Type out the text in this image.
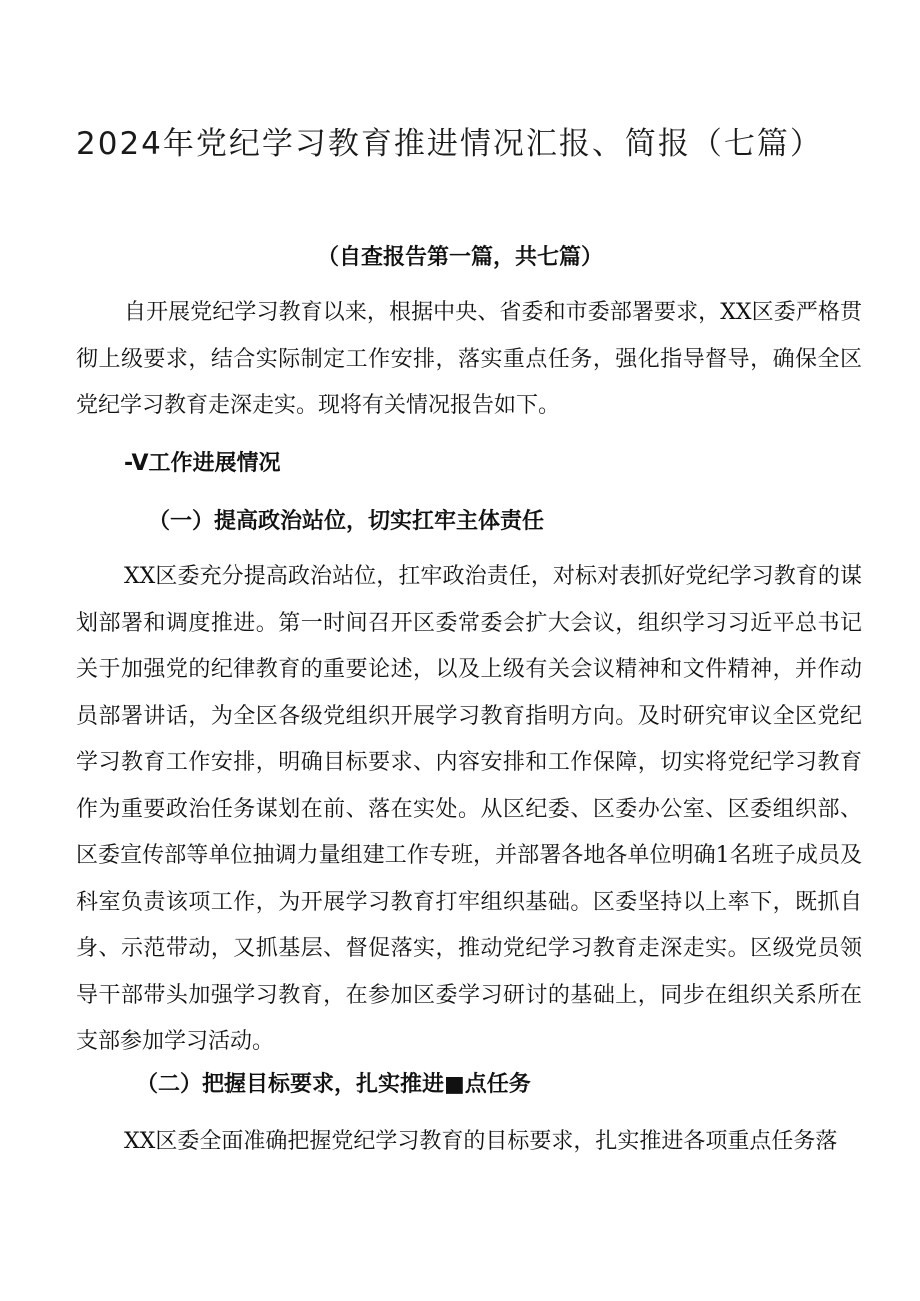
2024年党纪学习教育推进情况汇报、简报（七篇）
（自查报告第一篇，共七篇）

自开展党纪学习教育以来，根据中央、省委和市委部署要求，XX区委严格贯彻上级要求，结合实际制定工作安排，落实重点任务，强化指导督导，确保全区党纪学习教育走深走实。现将有关情况报告如下。

-V工作进展情况
（一）提高政治站位，切实扛牢主体责任

XX区委充分提高政治站位，扛牢政治责任，对标对表抓好党纪学习教育的谋划部署和调度推进。第一时间召开区委常委会扩大会议，组织学习习近平总书记关于加强党的纪律教育的重要论述，以及上级有关会议精神和文件精神，并作动员部署讲话，为全区各级党组织开展学习教育指明方向。及时研究审议全区党纪学习教育工作安排，明确目标要求、内容安排和工作保障，切实将党纪学习教育作为重要政治任务谋划在前、落在实处。从区纪委、区委办公室、区委组织部、区委宣传部等单位抽调力量组建工作专班，并部署各地各单位明确1名班子成员及科室负责该项工作，为开展学习教育打牢组织基础。区委坚持以上率下，既抓自身、示范带动，又抓基层、督促落实，推动党纪学习教育走深走实。区级党员领导干部带头加强学习教育，在参加区委学习研讨的基础上，同步在组织关系所在支部参加学习活动。

（二）把握目标要求，扎实推进■点任务

XX区委全面准确把握党纪学习教育的目标要求，扎实推进各项重点任务落
